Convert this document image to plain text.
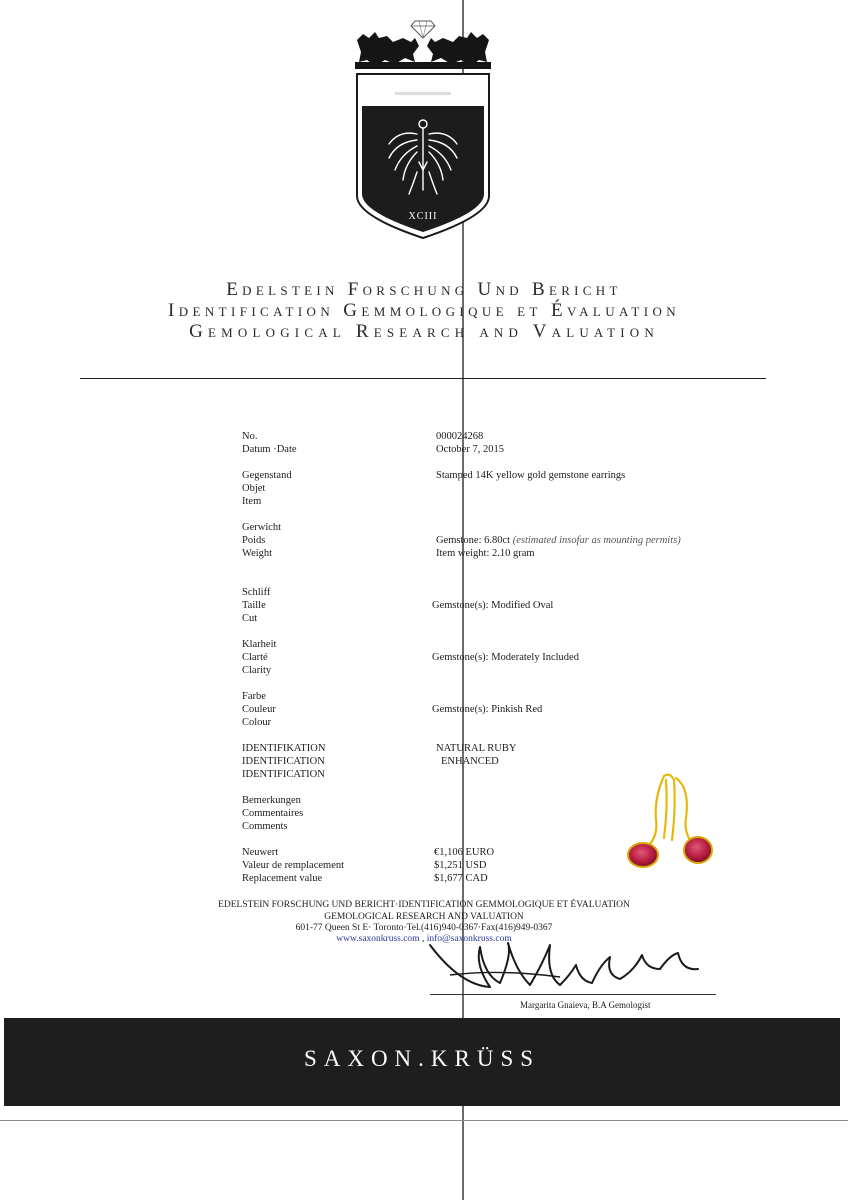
XCIII
Edelstein Forschung Und Bericht
Identification Gemmologique et Évaluation
Gemological Research and Valuation
No.	000024268
Datum ·Date	October 7, 2015
Gegenstand
Objet
Item
Stamped 14K yellow gold gemstone earrings
Gerwicht
Poids
Weight
Gemstone: 6.80ct (estimated insofar as mounting permits)
Item weight: 2.10 gram
Schliff
Taille
Cut
Gemstone(s): Modified Oval
Klarheit
Clarté
Clarity
Gemstone(s): Moderately Included
Farbe
Couleur
Colour
Gemstone(s): Pinkish Red
IDENTIFIKATION
IDENTIFICATION
IDENTIFICATION
NATURAL RUBY
ENHANCED
Bemerkungen
Commentaires
Comments
Neuwert
Valeur de remplacement
Replacement value
€1,106 EURO
$1,251 USD
$1,677 CAD
EDELSTEIN FORSCHUNG UND BERICHT·IDENTIFICATION GEMMOLOGIQUE ET ÉVALUATION
GEMOLOGICAL RESEARCH AND VALUATION
601-77 Queen St E· Toronto·Tel.(416)940-0367·Fax(416)949-0367
www.saxonkruss.com , info@saxonkruss.com
Margarita Gnaieva, B.A Gemologist
SAXON.KRÜSS
